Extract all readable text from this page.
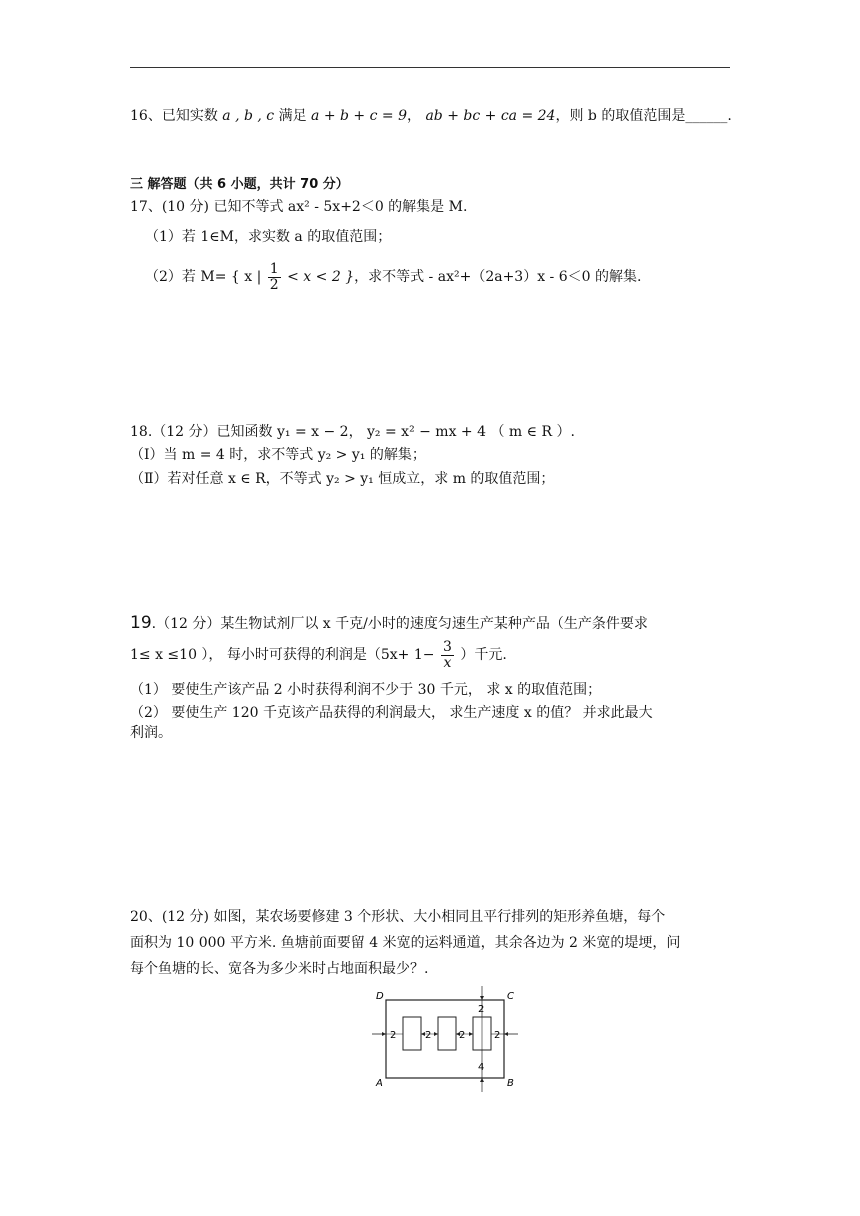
16、已知实数 a , b , c 满足 a + b + c = 9， ab + bc + ca = 24，则 b 的取值范围是______.
三 解答题（共 6 小题，共计 70 分）
17、(10 分) 已知不等式 ax² - 5x+2＜0 的解集是 M.
（1）若 1∈M，求实数 a 的取值范围；
（2）若 M= { x | $\frac{1}{2} < x < 2$ }，求不等式 - ax²+（2a+3）x - 6＜0 的解集.
18.（12 分）已知函数 y₁ = x − 2， y₂ = x² − mx + 4 （ m ∈ R ）.
（Ⅰ）当 m = 4 时，求不等式 y₂ > y₁ 的解集；
（Ⅱ）若对任意 x ∈ R，不等式 y₂ > y₁ 恒成立，求 m 的取值范围；
19.（12 分）某生物试剂厂以 x 千克/小时的速度匀速生产某种产品（生产条件要求
1≤ x ≤10 ）， 每小时可获得的利润是（$5x+ 1- \frac{3}{x}$ ）千元.
（1） 要使生产该产品 2 小时获得利润不少于 30 千元， 求 x 的取值范围；
（2） 要使生产 120 千克该产品获得的利润最大， 求生产速度 x 的值？ 并求此最大
利润。
20、(12 分) 如图，某农场要修建 3 个形状、大小相同且平行排列的矩形养鱼塘，每个
面积为 10 000 平方米. 鱼塘前面要留 4 米宽的运料通道，其余各边为 2 米宽的堤埂，问
每个鱼塘的长、宽各为多少米时占地面积最少？.
D	C
A	B
2	2	2	2
2
4
